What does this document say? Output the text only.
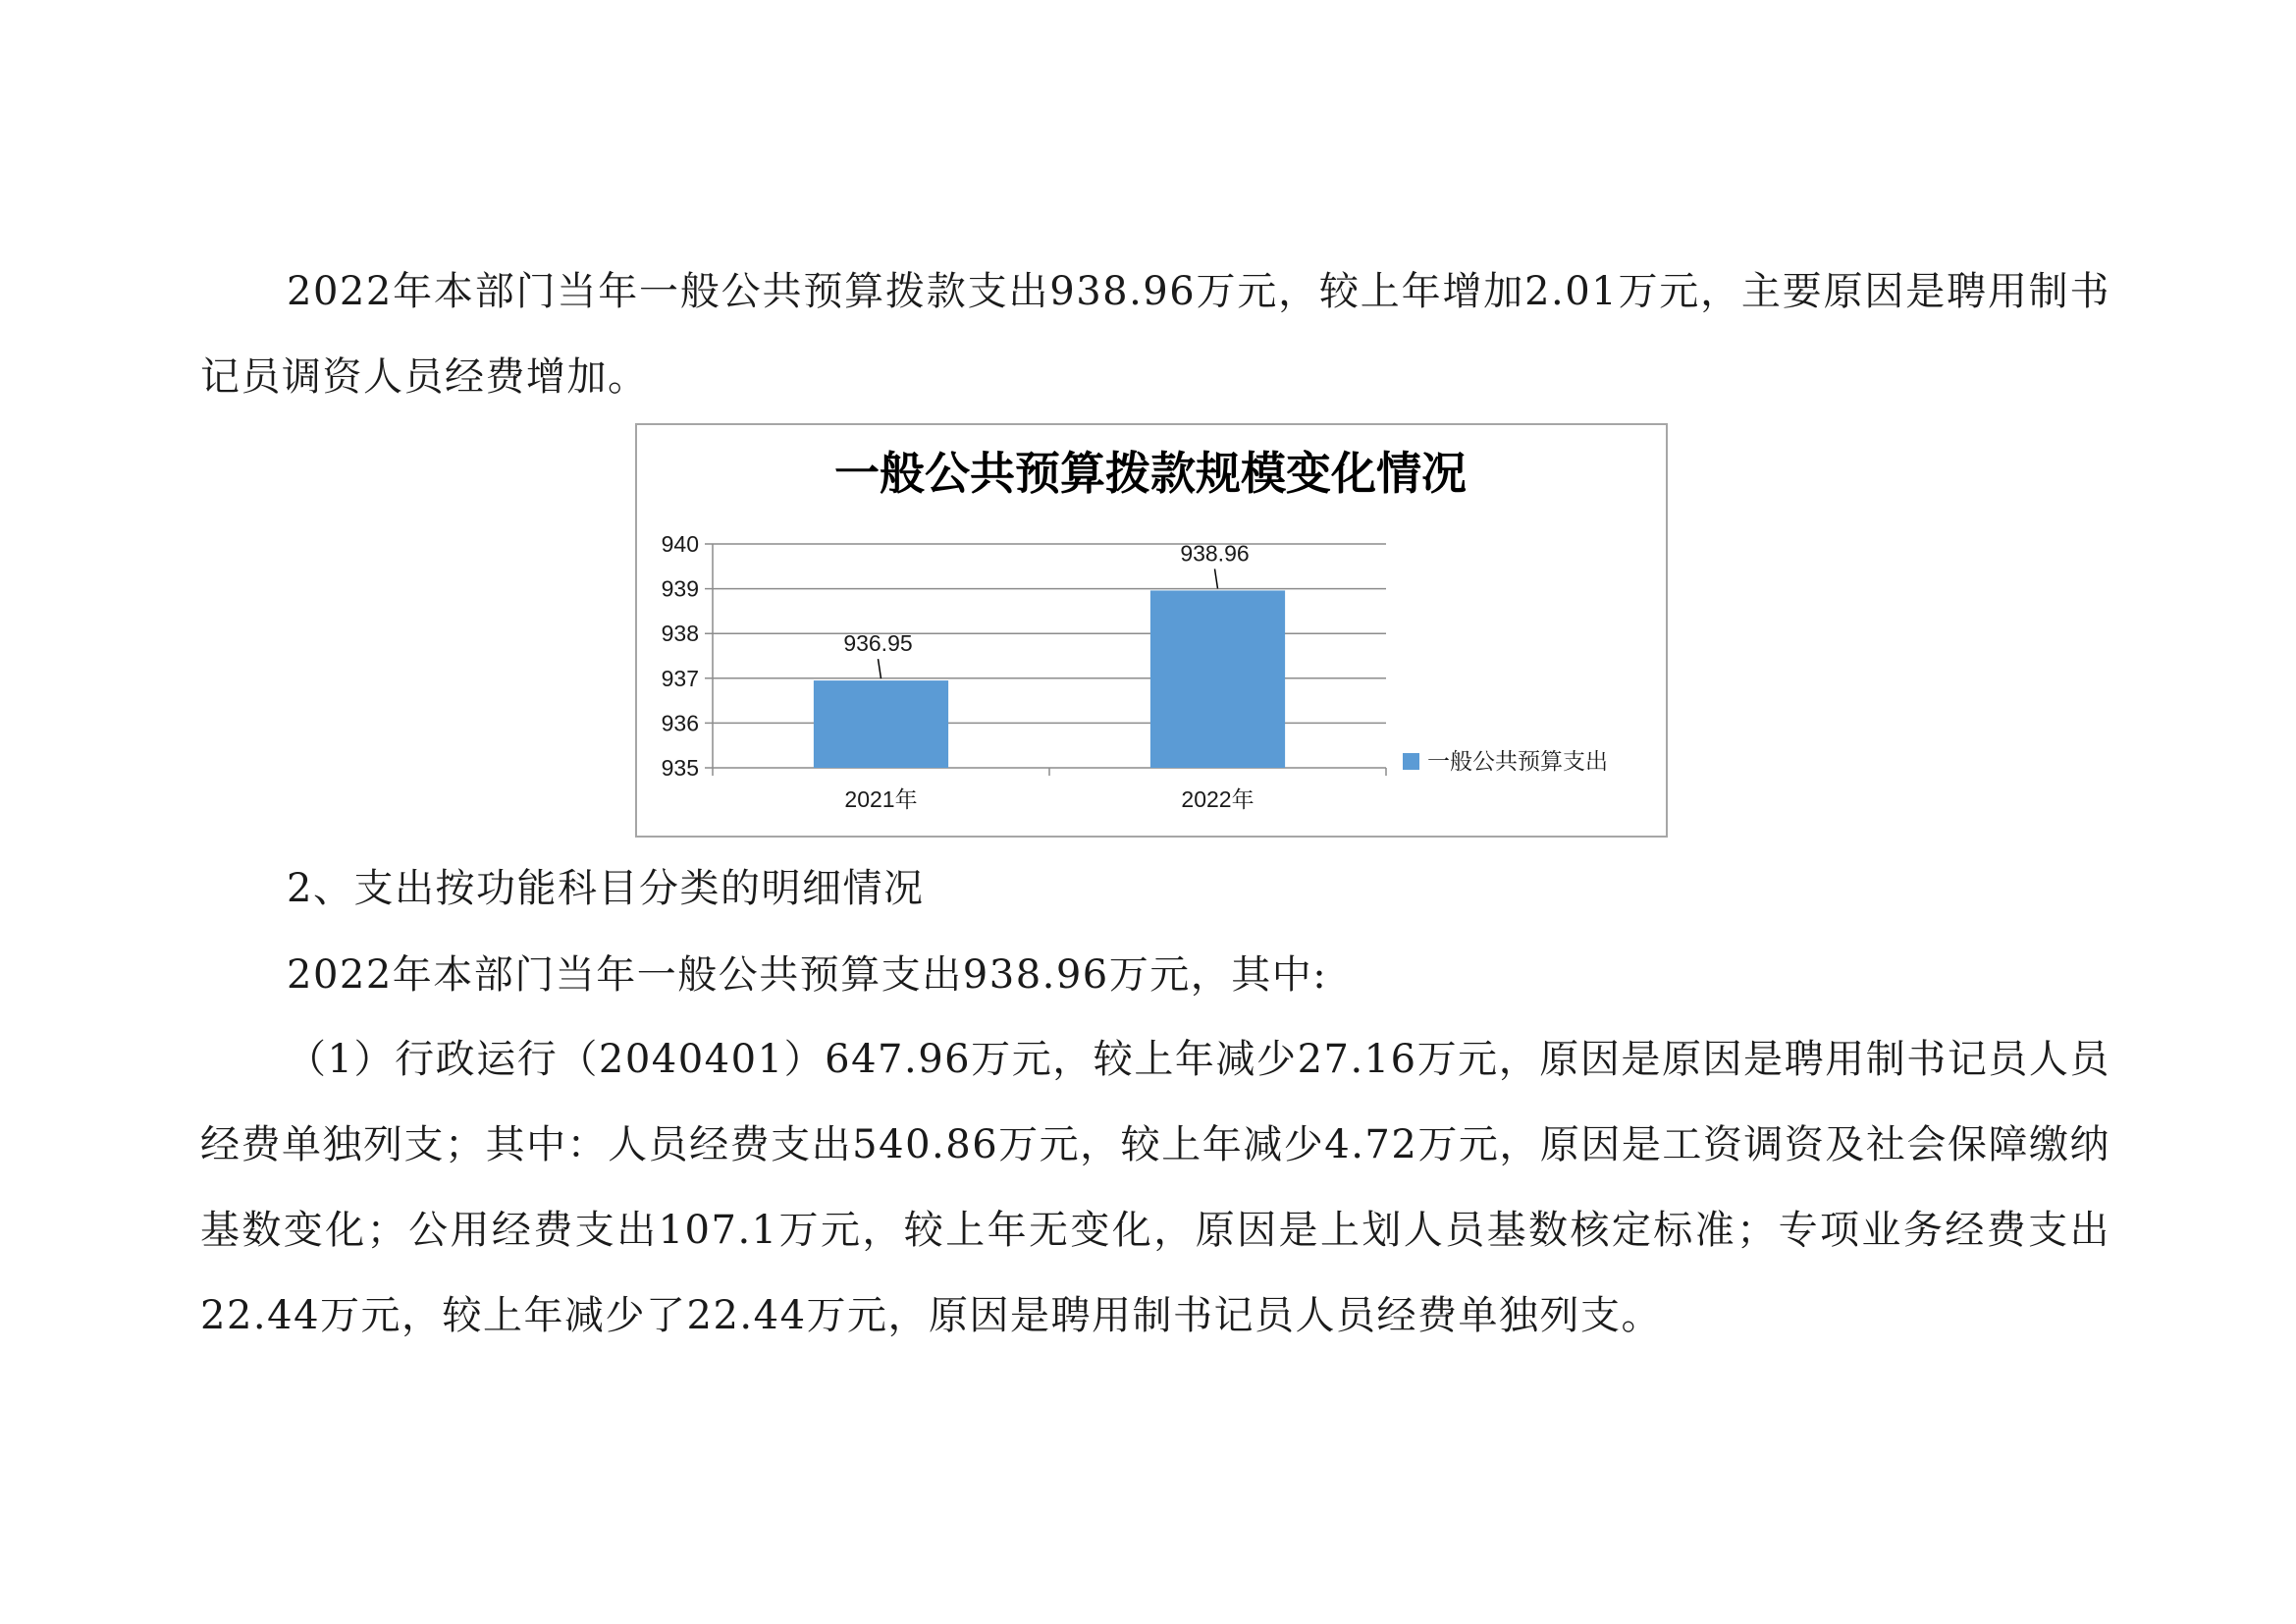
2022年本部门当年一般公共预算拨款支出938.96万元，较上年增加2.01万元，主要原因是聘用制书记员调资人员经费增加。

一般公共预算拨款规模变化情况
935
936
937
938
939
940
936.95
2021年
938.96
2022年
一般公共预算支出

2、支出按功能科目分类的明细情况

2022年本部门当年一般公共预算支出938.96万元，其中:

（1）行政运行（2040401）647.96万元，较上年减少27.16万元，原因是原因是聘用制书记员人员经费单独列支；其中：人员经费支出540.86万元，较上年减少4.72万元，原因是工资调资及社会保障缴纳基数变化；公用经费支出107.1万元，较上年无变化，原因是上划人员基数核定标准；专项业务经费支出22.44万元，较上年减少了22.44万元，原因是聘用制书记员人员经费单独列支。
